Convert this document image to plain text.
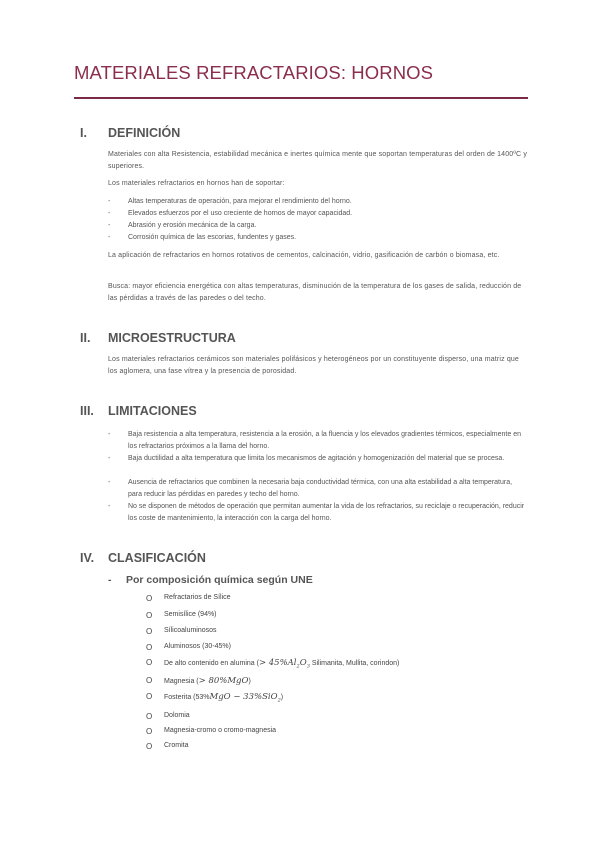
MATERIALES REFRACTARIOS: HORNOS
I. DEFINICIÓN
Materiales con alta Resistencia, estabilidad mecánica e inertes química mente que soportan temperaturas del orden de 1400ºC y superiores.
Los materiales refractarios en hornos han de soportar:
-	Altas temperaturas de operación, para mejorar el rendimiento del horno.
-	Elevados esfuerzos por el uso creciente de hornos de mayor capacidad.
-	Abrasión y erosión mecánica de la carga.
-	Corrosión química de las escorias, fundentes y gases.
La aplicación de refractarios en hornos rotativos de cementos, calcinación, vidrio, gasificación de carbón o biomasa, etc.
Busca: mayor eficiencia energética con altas temperaturas, disminución de la temperatura de los gases de salida, reducción de las pérdidas a través de las paredes o del techo.
II. MICROESTRUCTURA
Los materiales refractarios cerámicos son materiales polifásicos y heterogéneos por un constituyente disperso, una matriz que los aglomera, una fase vítrea y la presencia de porosidad.
III. LIMITACIONES
-	Baja resistencia a alta temperatura, resistencia a la erosión, a la fluencia y los elevados gradientes térmicos, especialmente en los refractarios próximos a la llama del horno.
-	Baja ductilidad a alta temperatura que limita los mecanismos de agitación y homogenización del material que se procesa.
-	Ausencia de refractarios que combinen la necesaria baja conductividad térmica, con una alta estabilidad a alta temperatura, para reducir las pérdidas en paredes y techo del horno.
-	No se disponen de métodos de operación que permitan aumentar la vida de los refractarios, su reciclaje o recuperación, reducir los coste de mantenimiento, la interacción con la carga del horno.
IV. CLASIFICACIÓN
- Por composición química según UNE
O Refractarios de Sílice
O Semisílice (94%)
O Sílicoaluminosos
O Aluminosos (30-45%)
O De alto contenido en alumina (> $45\%Al_2O_3$ Silimanita, Mullita, corindon)
O Magnesia (> 80%MgO)
O Fosterita (53%MgO − 33%SiO$_2$)
O Dolomia
O Magnesia-cromo o cromo-magnesia
O Cromita
